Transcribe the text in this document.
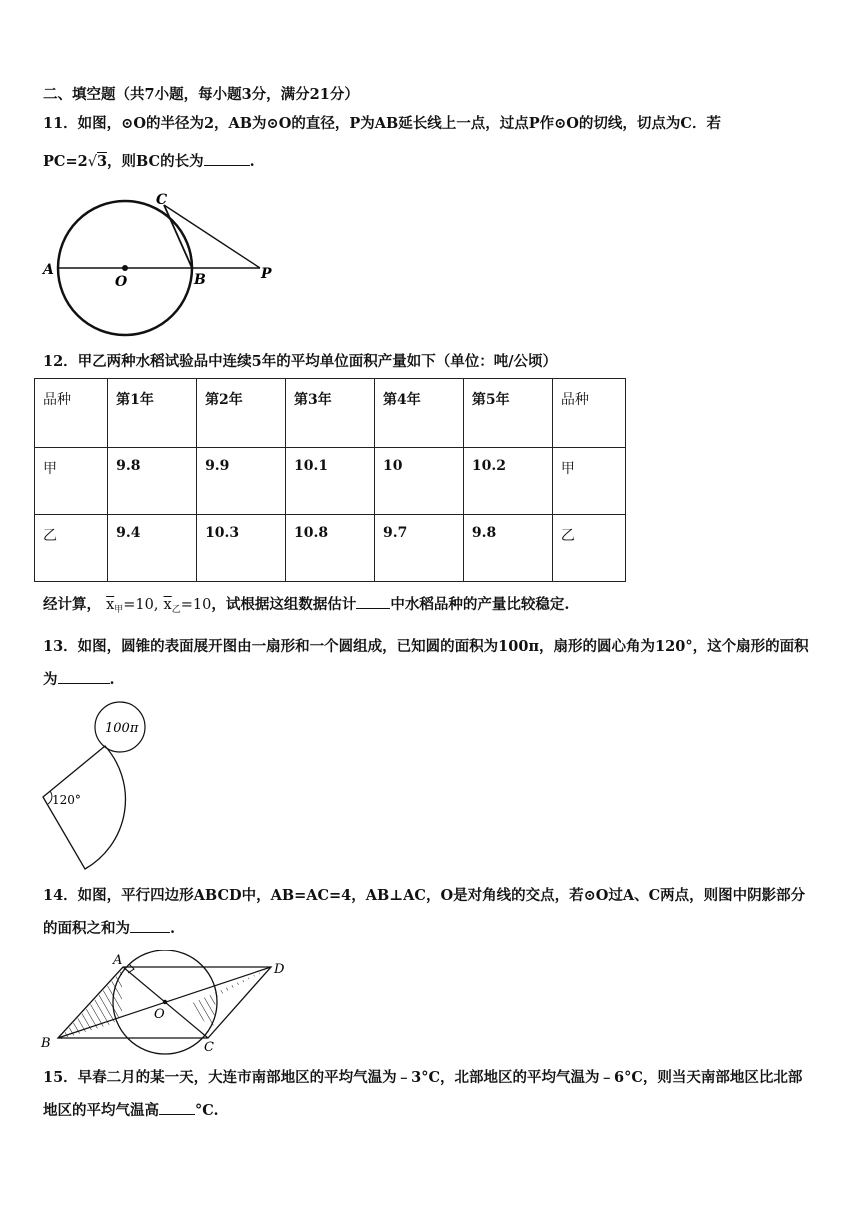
二、填空题（共7小题，每小题3分，满分21分）
11．如图，⊙O的半径为2，AB为⊙O的直径，P为AB延长线上一点，过点P作⊙O的切线，切点为C．若
PC=2√3，则BC的长为	.
A
O	B	P
C
12．甲乙两种水稻试验品中连续5年的平均单位面积产量如下（单位：吨/公顷）
品种	第1年	第2年	第3年	第4年	第5年	品种
甲	9.8	9.9	10.1	10	10.2	甲
乙	9.4	10.3	10.8	9.7	9.8	乙
经计算， $\overline{x}_甲=10$, $\overline{x}_乙=10$，试根据这组数据估计 中水稻品种的产量比较稳定.
13．如图，圆锥的表面展开图由一扇形和一个圆组成，已知圆的面积为100π，扇形的圆心角为120°，这个扇形的面积
为	.
100π
120°
14．如图，平行四边形ABCD中，AB=AC=4，AB⊥AC，O是对角线的交点，若⊙O过A、C两点，则图中阴影部分
的面积之和为	.
A
D
B	C
O
15．早春二月的某一天，大连市南部地区的平均气温为﹣3°C，北部地区的平均气温为﹣6°C，则当天南部地区比北部
地区的平均气温高 °C.
